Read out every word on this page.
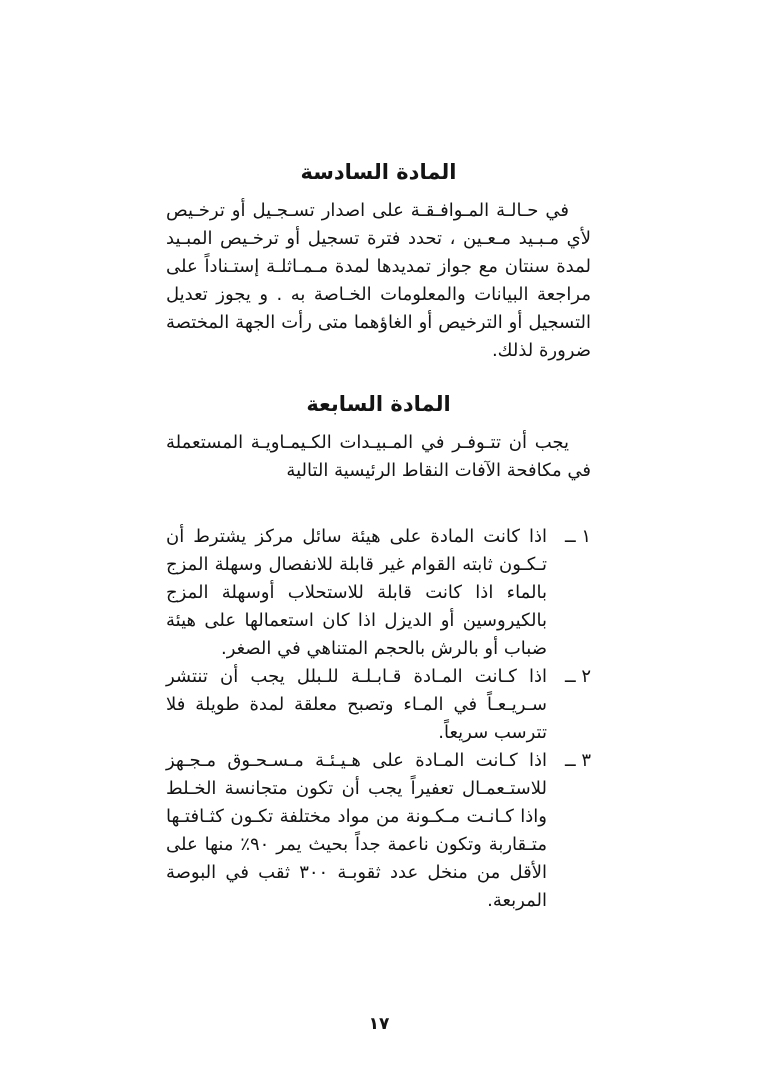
المادة السادسة

في حـالـة المـوافـقـة على اصدار تسـجـيل أو ترخـيص لأي مـبـيد مـعـين ، تحدد فترة تسجيل أو ترخـيص المبـيد لمدة سنتان مع جواز تمديدها لمدة مـمـاثلـة إستـناداً على مراجعة البيانات والمعلومات الخـاصة به . و يجوز تعديل التسجيل أو الترخيص أو الغاؤهما متى رأت الجهة المختصة ضرورة لذلك.

المادة السابعة

يجب أن تتـوفـر في المـبيـدات الكـيمـاويـة المستعملة في مكافحة الآفات النقاط الرئيسية التالية

١ ــ
اذا كانت المادة على هيئة سائل مركز يشترط أن تـكـون ثابته القوام غير قابلة للانفصال وسهلة المزج بالماء اذا كانت قابلة للاستحلاب أوسهلة المزج بالكيروسين أو الديزل اذا كان استعمالها على هيئة ضباب أو بالرش بالحجم المتناهي في الصغر.
٢ ــ
اذا كـانت المـادة قـابـلـة للـبلل يجب أن تنتشر سـريـعـاً في المـاء وتصبح معلقة لمدة طويلة فلا تترسب سريعاً.
٣ ــ
اذا كـانت المـادة على هـيـئـة مـسـحـوق مـجـهز للاستـعمـال تعفيراً يجب أن تكون متجانسة الخـلط واذا كـانـت مـكـونة من مواد مختلفة تكـون كثـافتـها متـقاربة وتكون ناعمة جداً بحيث يمر ٩٠٪ منها على الأقل من منخل عدد ثقوبـة ٣٠٠ ثقب في البوصة المربعة.
١٧
